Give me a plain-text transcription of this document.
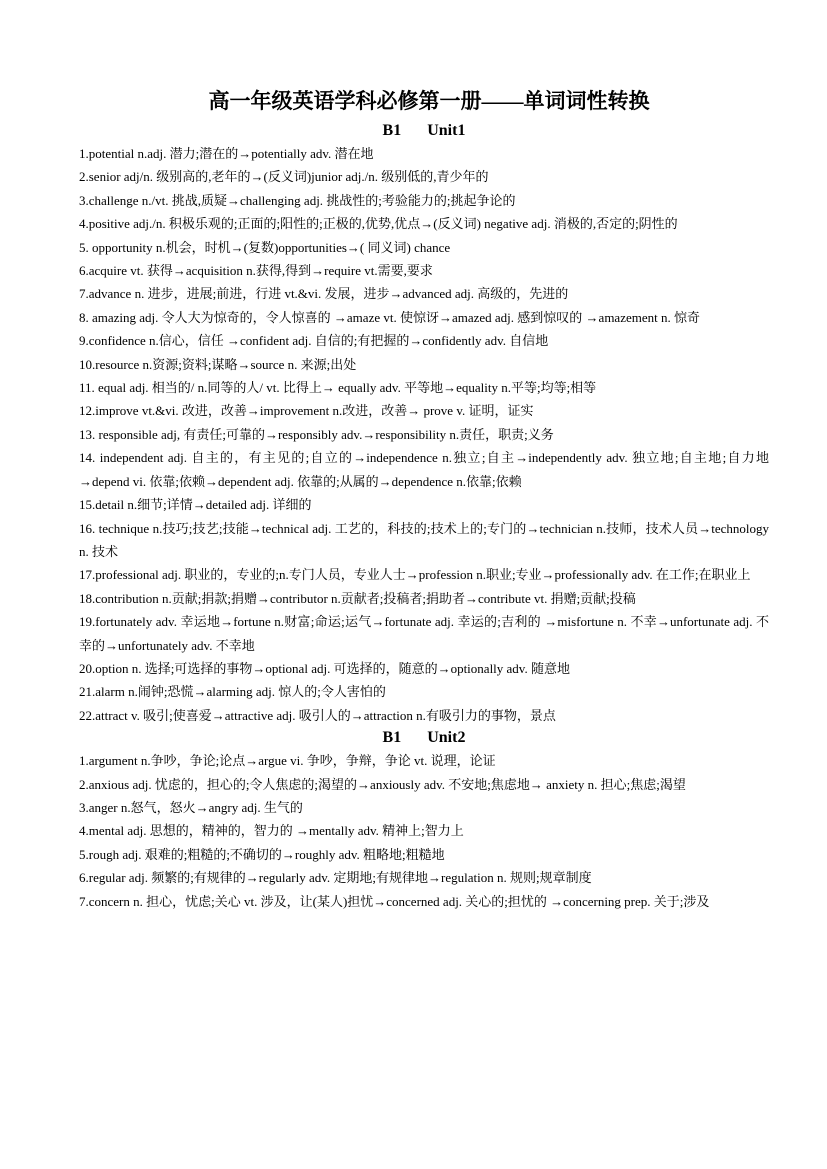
高一年级英语学科必修第一册——单词词性转换
B1 Unit1

1.potential n.adj. 潜力;潜在的→potentially adv. 潜在地

2.senior adj/n. 级别高的,老年的→(反义词)junior adj./n. 级别低的,青少年的

3.challenge n./vt. 挑战,质疑→challenging adj. 挑战性的;考验能力的;挑起争论的

4.positive adj./n. 积极乐观的;正面的;阳性的;正极的,优势,优点→(反义词) negative adj. 消极的,否定的;阴性的

5. opportunity n.机会，时机→(复数)opportunities→( 同义词) chance

6.acquire vt. 获得→acquisition n.获得,得到→require vt.需要,要求

7.advance n. 进步，进展;前进，行进 vt.&vi. 发展，进步→advanced adj. 高级的，先进的

8. amazing adj. 令人大为惊奇的，令人惊喜的 →amaze vt. 使惊讶→amazed adj. 感到惊叹的 →amazement n. 惊奇

9.confidence n.信心，信任 →confident adj. 自信的;有把握的→confidently adv. 自信地

10.resource n.资源;资料;谋略→source n. 来源;出处

11. equal adj. 相当的/ n.同等的人/ vt. 比得上→ equally adv. 平等地→equality n.平等;均等;相等

12.improve vt.&vi. 改进，改善→improvement n.改进，改善→ prove v. 证明，证实

13. responsible adj, 有责任;可靠的→responsibly adv.→responsibility n.责任，职责;义务

14. independent adj. 自主的，有主见的;自立的→independence n.独立;自主→independently adv. 独立地;自主地;自力地→depend vi. 依靠;依赖→dependent adj. 依靠的;从属的→dependence n.依靠;依赖

15.detail n.细节;详情→detailed adj. 详细的

16. technique n.技巧;技艺;技能→technical adj. 工艺的，科技的;技术上的;专门的→technician n.技师，技术人员→technology n. 技术

17.professional adj. 职业的，专业的;n.专门人员，专业人士→profession n.职业;专业→professionally adv. 在工作;在职业上

18.contribution n.贡献;捐款;捐赠→contributor n.贡献者;投稿者;捐助者→contribute vt. 捐赠;贡献;投稿

19.fortunately adv. 幸运地→fortune n.财富;命运;运气→fortunate adj. 幸运的;吉利的 →misfortune n. 不幸→unfortunate adj. 不幸的→unfortunately adv. 不幸地

20.option n. 选择;可选择的事物→optional adj. 可选择的，随意的→optionally adv. 随意地

21.alarm n.闹钟;恐慌→alarming adj. 惊人的;令人害怕的

22.attract v. 吸引;使喜爱→attractive adj. 吸引人的→attraction n.有吸引力的事物，景点

B1 Unit2

1.argument n.争吵，争论;论点→argue vi. 争吵，争辩，争论 vt. 说理，论证

2.anxious adj. 忧虑的，担心的;令人焦虑的;渴望的→anxiously adv. 不安地;焦虑地→ anxiety n. 担心;焦虑;渴望

3.anger n.怒气，怒火→angry adj. 生气的

4.mental adj. 思想的，精神的，智力的 →mentally adv. 精神上;智力上

5.rough adj. 艰难的;粗糙的;不确切的→roughly adv. 粗略地;粗糙地

6.regular adj. 频繁的;有规律的→regularly adv. 定期地;有规律地→regulation n. 规则;规章制度

7.concern n. 担心，忧虑;关心 vt. 涉及，让(某人)担忧→concerned adj. 关心的;担忧的 →concerning prep. 关于;涉及
